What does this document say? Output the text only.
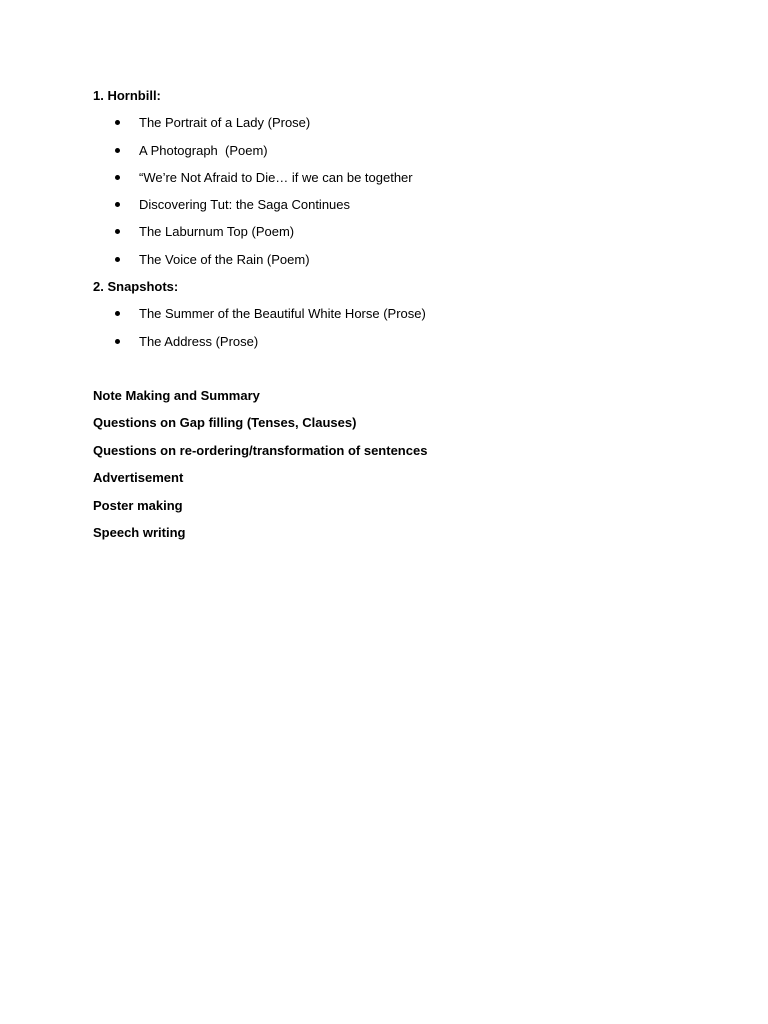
1. Hornbill:
The Portrait of a Lady (Prose)
A Photograph  (Poem)
“We’re Not Afraid to Die… if we can be together
Discovering Tut: the Saga Continues
The Laburnum Top (Poem)
The Voice of the Rain (Poem)
2. Snapshots:
The Summer of the Beautiful White Horse (Prose)
The Address (Prose)
Note Making and Summary
Questions on Gap filling (Tenses, Clauses)
Questions on re-ordering/transformation of sentences
Advertisement
Poster making
Speech writing
